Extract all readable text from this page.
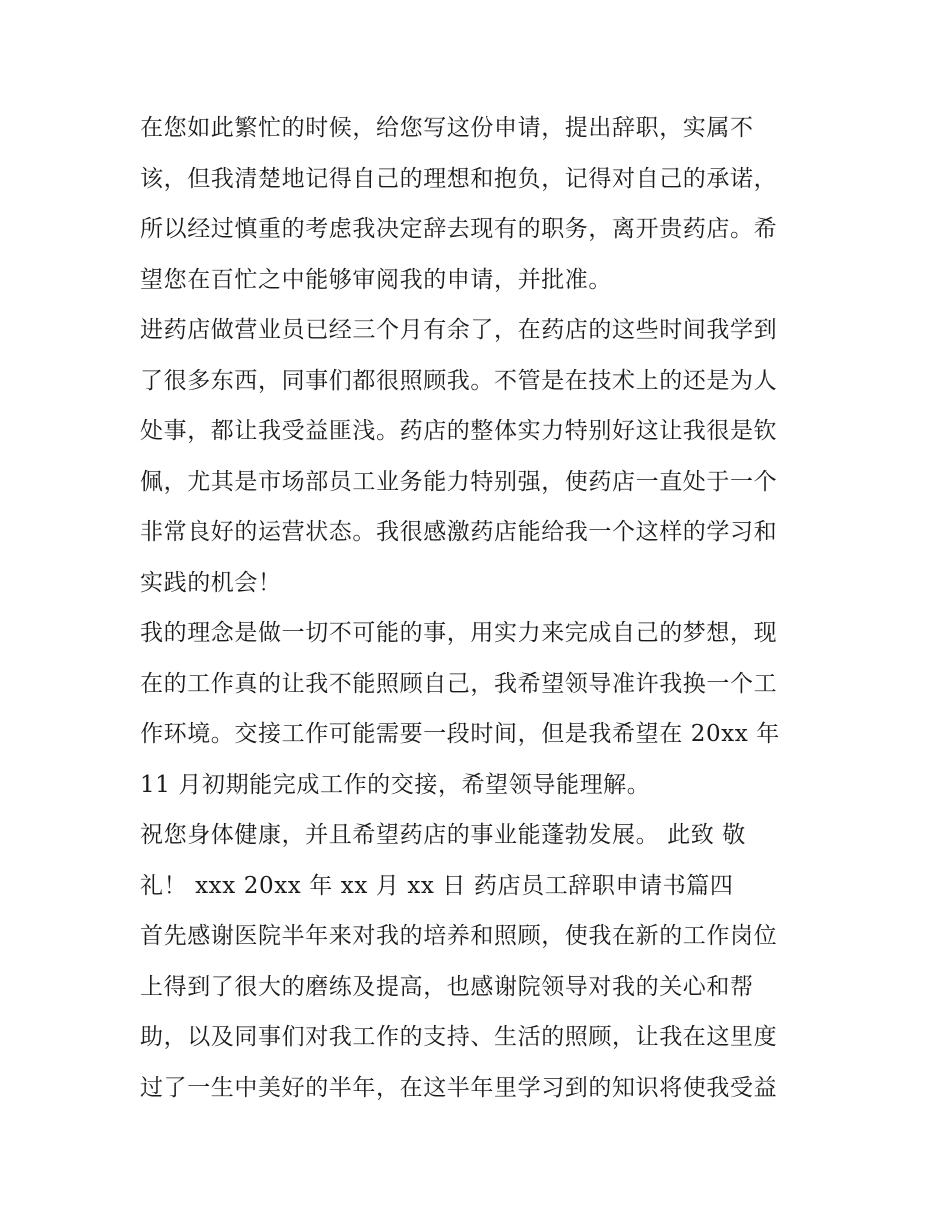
在您如此繁忙的时候，给您写这份申请，提出辞职，实属不
该，但我清楚地记得自己的理想和抱负，记得对自己的承诺，
所以经过慎重的考虑我决定辞去现有的职务，离开贵药店。希
望您在百忙之中能够审阅我的申请，并批准。
进药店做营业员已经三个月有余了，在药店的这些时间我学到
了很多东西，同事们都很照顾我。不管是在技术上的还是为人
处事，都让我受益匪浅。药店的整体实力特别好这让我很是钦
佩，尤其是市场部员工业务能力特别强，使药店一直处于一个
非常良好的运营状态。我很感激药店能给我一个这样的学习和
实践的机会！
我的理念是做一切不可能的事，用实力来完成自己的梦想，现
在的工作真的让我不能照顾自己，我希望领导准许我换一个工
作环境。交接工作可能需要一段时间，但是我希望在 20xx 年
11 月初期能完成工作的交接，希望领导能理解。
祝您身体健康，并且希望药店的事业能蓬勃发展。 此致 敬
礼！ xxx 20xx 年 xx 月 xx 日 药店员工辞职申请书篇四
首先感谢医院半年来对我的培养和照顾，使我在新的工作岗位
上得到了很大的磨练及提高，也感谢院领导对我的关心和帮
助，以及同事们对我工作的支持、生活的照顾，让我在这里度
过了一生中美好的半年，在这半年里学习到的知识将使我受益
